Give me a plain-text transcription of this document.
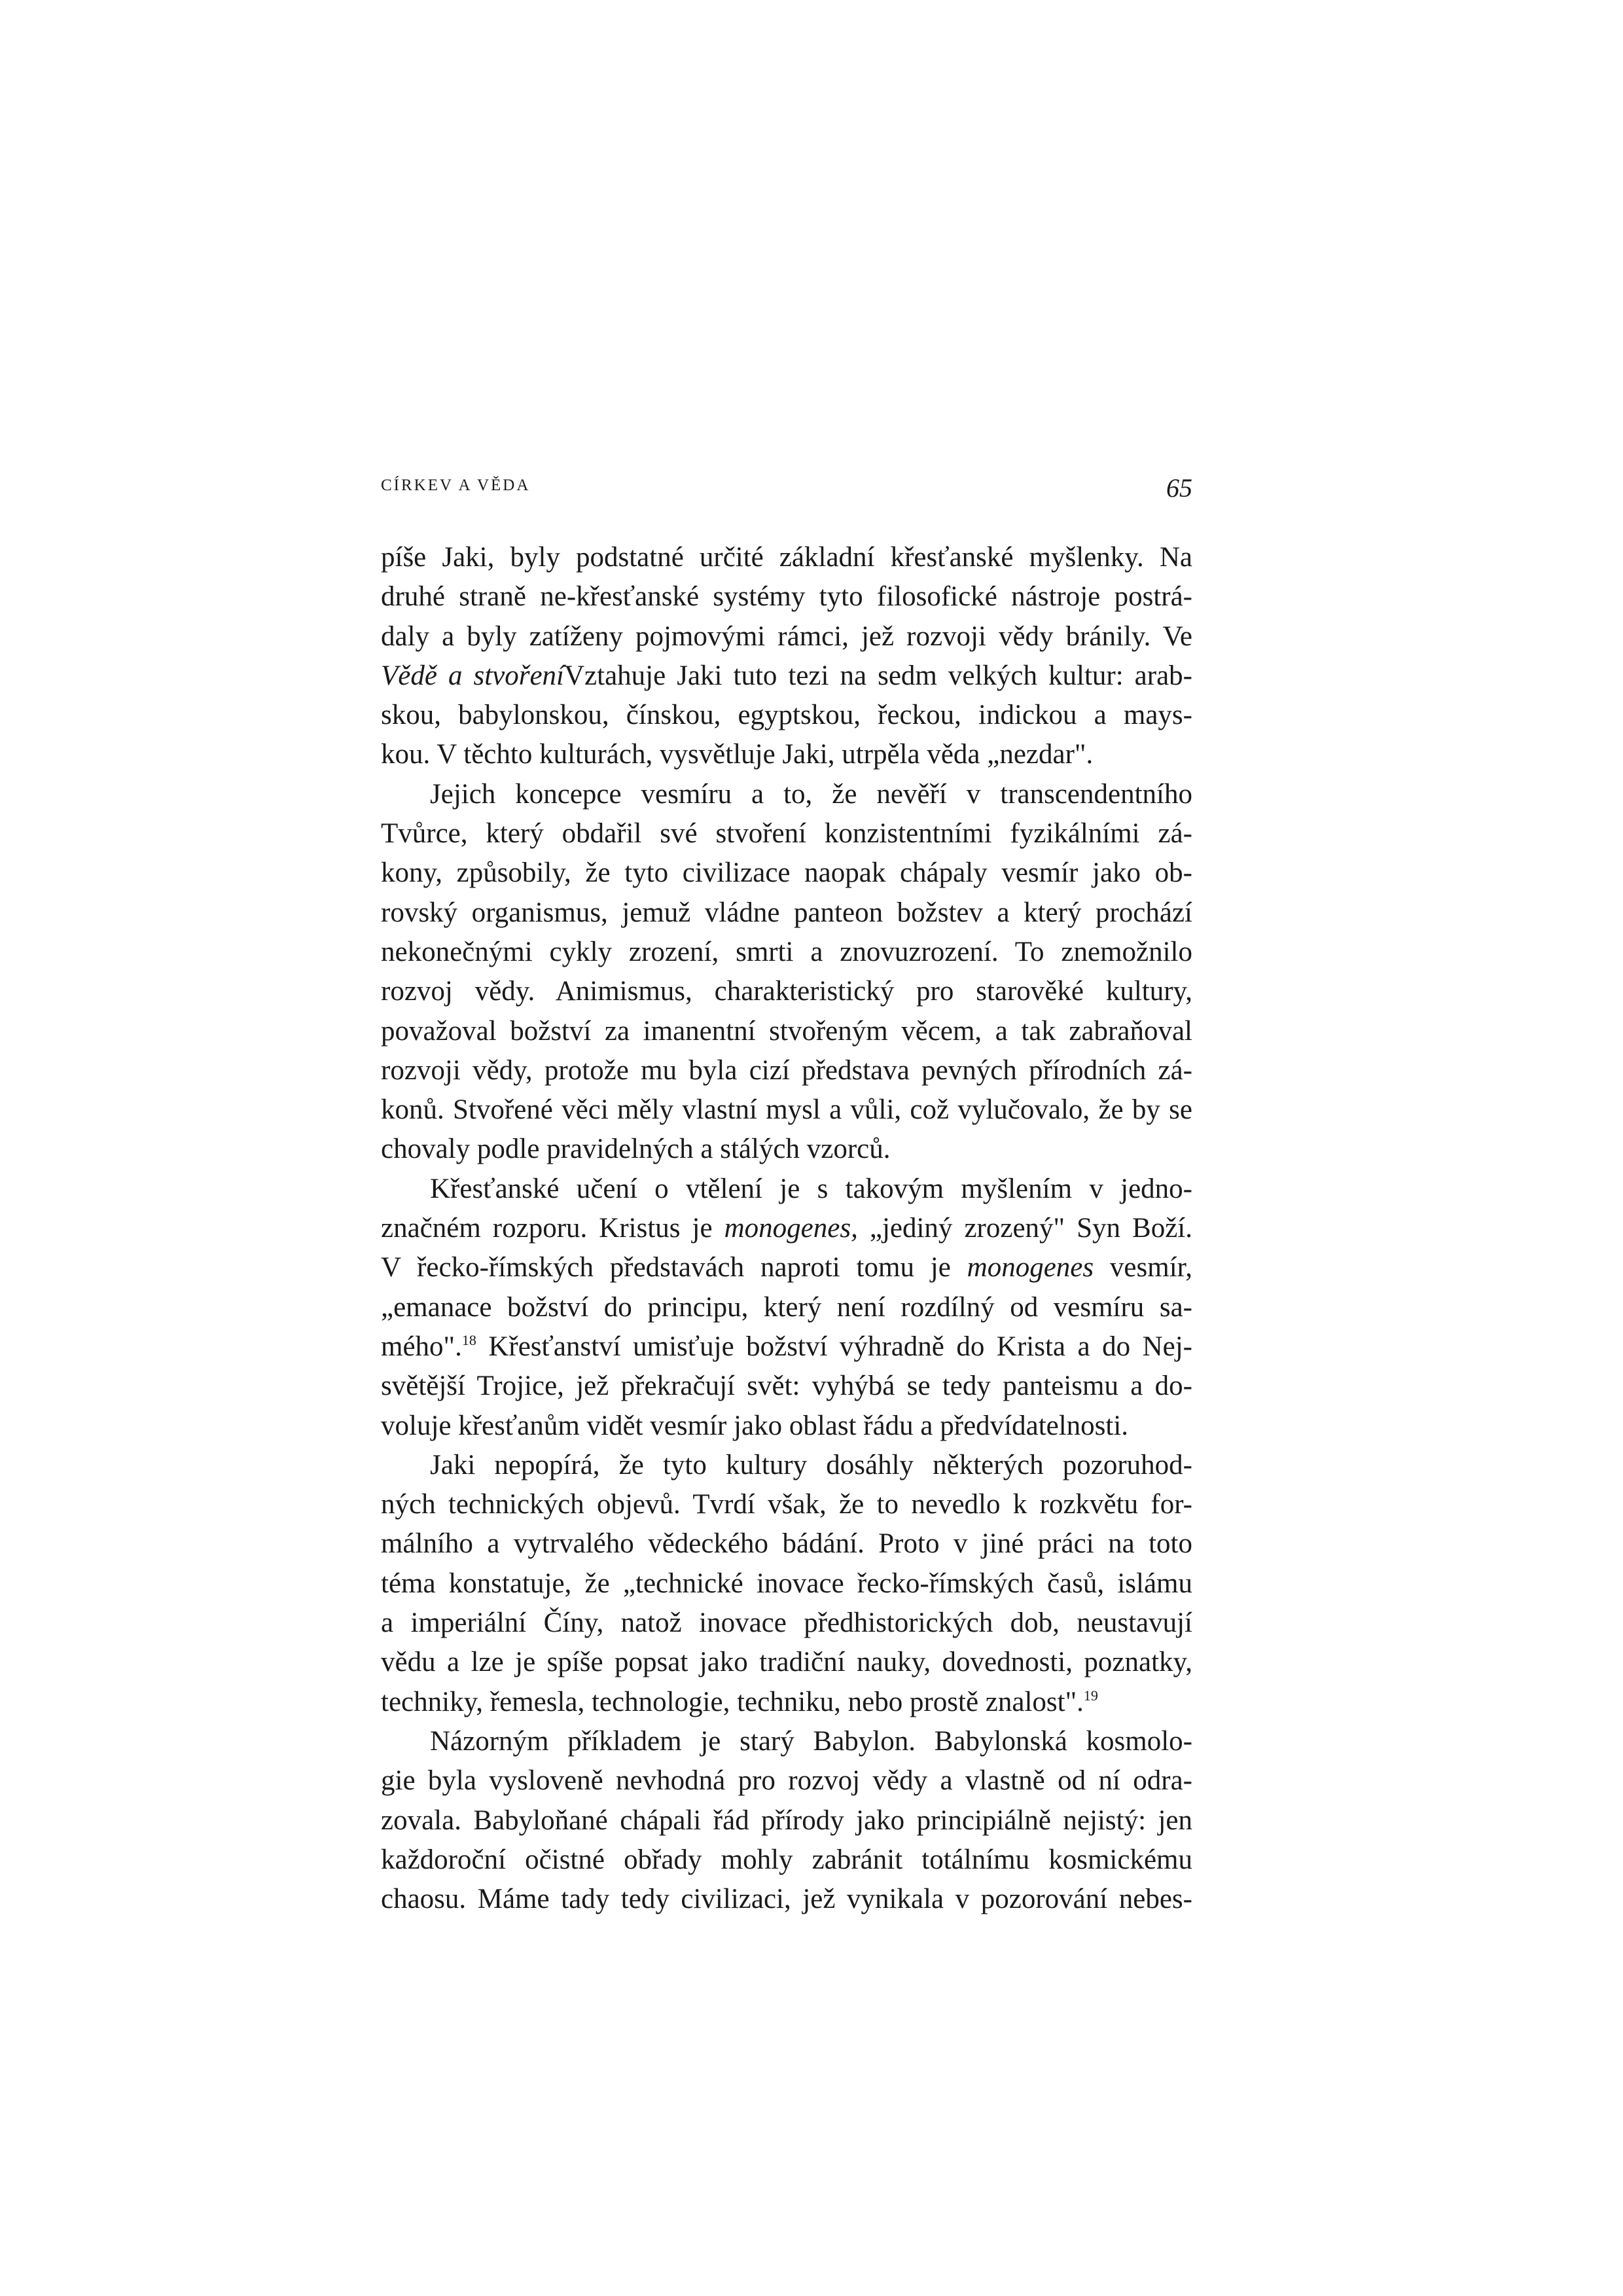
CÍRKEV A VĚDA	65
píše Jaki, byly podstatné určité základní křesťanské myšlenky. Na
druhé straně ne-křesťanské systémy tyto filosofické nástroje postrá-
daly a byly zatíženy pojmovými rámci, jež rozvoji vědy bránily. Ve
Vědě a stvořeníVztahuje Jaki tuto tezi na sedm velkých kultur: arab-
skou, babylonskou, čínskou, egyptskou, řeckou, indickou a mays-
kou. V těchto kulturách, vysvětluje Jaki, utrpěla věda „nezdar".
Jejich koncepce vesmíru a to, že nevěří v transcendentního
Tvůrce, který obdařil své stvoření konzistentními fyzikálními zá-
kony, způsobily, že tyto civilizace naopak chápaly vesmír jako ob-
rovský organismus, jemuž vládne panteon božstev a který prochází
nekonečnými cykly zrození, smrti a znovuzrození. To znemožnilo
rozvoj vědy. Animismus, charakteristický pro starověké kultury,
považoval božství za imanentní stvořeným věcem, a tak zabraňoval
rozvoji vědy, protože mu byla cizí představa pevných přírodních zá-
konů. Stvořené věci měly vlastní mysl a vůli, což vylučovalo, že by se
chovaly podle pravidelných a stálých vzorců.
Křesťanské učení o vtělení je s takovým myšlením v jedno-
značném rozporu. Kristus je monogenes, „jediný zrozený" Syn Boží.
V řecko-římských představách naproti tomu je monogenes vesmír,
„emanace božství do principu, který není rozdílný od vesmíru sa-
mého".$^{18}$ Křesťanství umisťuje božství výhradně do Krista a do Nej-
světější Trojice, jež překračují svět: vyhýbá se tedy panteismu a do-
voluje křesťanům vidět vesmír jako oblast řádu a předvídatelnosti.
Jaki nepopírá, že tyto kultury dosáhly některých pozoruhod-
ných technických objevů. Tvrdí však, že to nevedlo k rozkvětu for-
málního a vytrvalého vědeckého bádání. Proto v jiné práci na toto
téma konstatuje, že „technické inovace řecko-římských časů, islámu
a imperiální Číny, natož inovace předhistorických dob, neustavují
vědu a lze je spíše popsat jako tradiční nauky, dovednosti, poznatky,
techniky, řemesla, technologie, techniku, nebo prostě znalost".$^{19}$
Názorným příkladem je starý Babylon. Babylonská kosmolo-
gie byla vysloveně nevhodná pro rozvoj vědy a vlastně od ní odra-
zovala. Babyloňané chápali řád přírody jako principiálně nejistý: jen
každoroční očistné obřady mohly zabránit totálnímu kosmickému
chaosu. Máme tady tedy civilizaci, jež vynikala v pozorování nebes-
